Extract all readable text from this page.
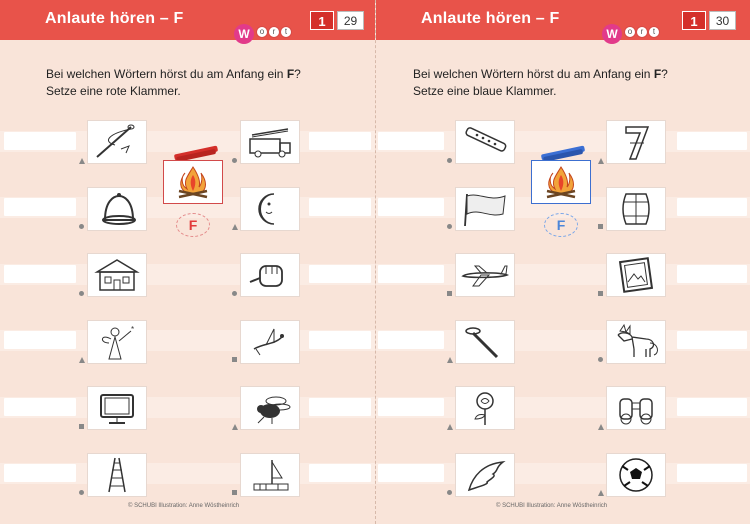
Anlaute hören – F	1	29
W	o	r	t
Bei welchen Wörtern hörst du am Anfang ein F?
Setze eine rote Klammer.
*
F
© SCHUBI Illustration: Anne Wöstheinrich
Anlaute hören – F	1	30
W	o	r	t
Bei welchen Wörtern hörst du am Anfang ein F?
Setze eine blaue Klammer.
F
© SCHUBI Illustration: Anne Wöstheinrich
